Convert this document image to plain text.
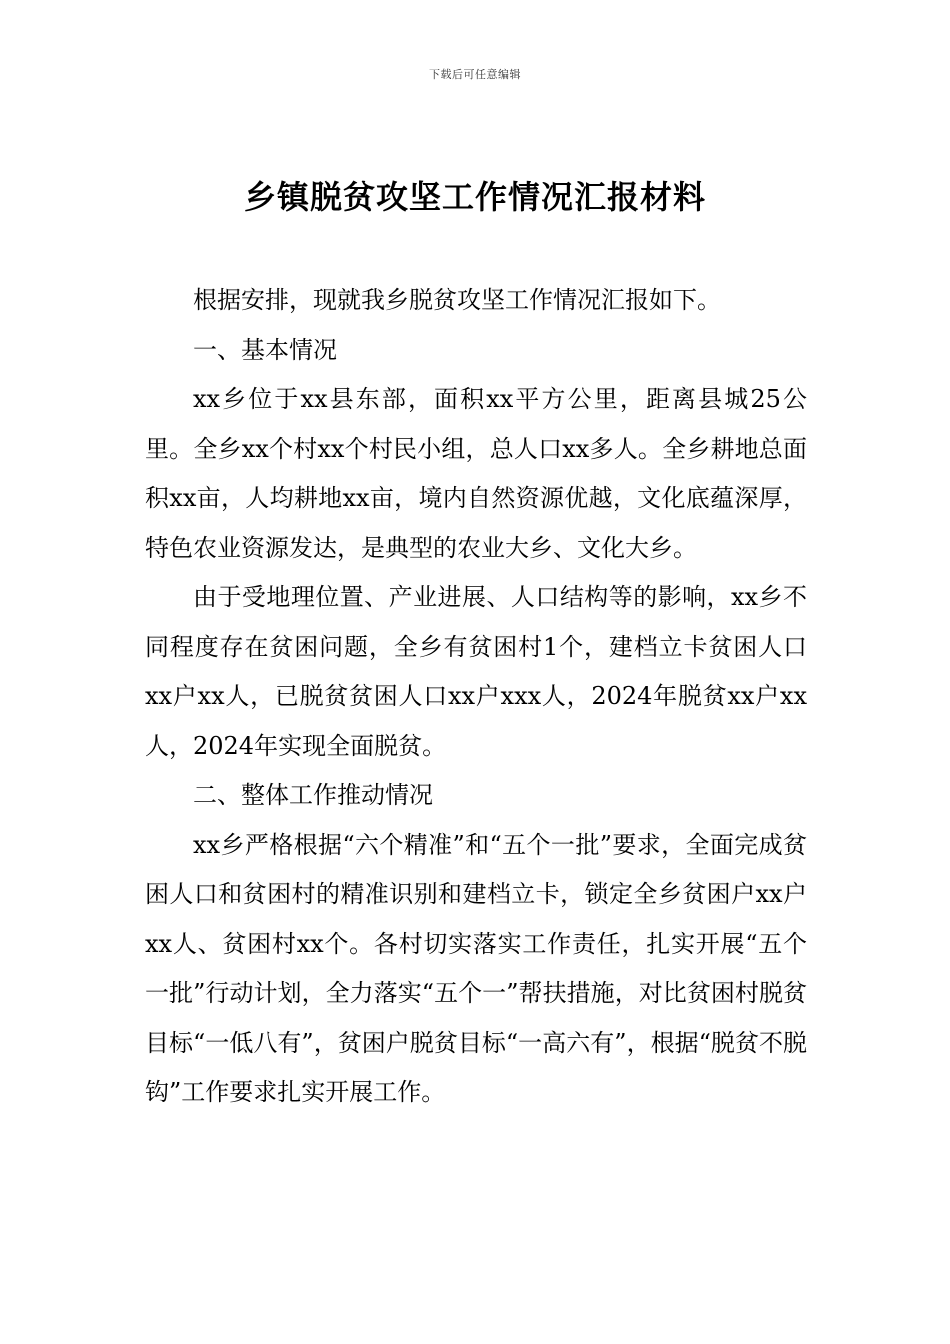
下载后可任意编辑
乡镇脱贫攻坚工作情况汇报材料

根据安排，现就我乡脱贫攻坚工作情况汇报如下。

一、基本情况

xx乡位于xx县东部，面积xx平方公里，距离县城25公里。全乡xx个村xx个村民小组，总人口xx多人。全乡耕地总面积xx亩，人均耕地xx亩，境内自然资源优越，文化底蕴深厚，特色农业资源发达，是典型的农业大乡、文化大乡。

由于受地理位置、产业进展、人口结构等的影响，xx乡不同程度存在贫困问题，全乡有贫困村1个，建档立卡贫困人口xx户xx人，已脱贫贫困人口xx户xxx人，2024年脱贫xx户xx人，2024年实现全面脱贫。

二、整体工作推动情况

xx乡严格根据“六个精准”和“五个一批”要求，全面完成贫困人口和贫困村的精准识别和建档立卡，锁定全乡贫困户xx户xx人、贫困村xx个。各村切实落实工作责任，扎实开展“五个一批”行动计划，全力落实“五个一”帮扶措施，对比贫困村脱贫目标“一低八有”，贫困户脱贫目标“一高六有”，根据“脱贫不脱钩”工作要求扎实开展工作。
